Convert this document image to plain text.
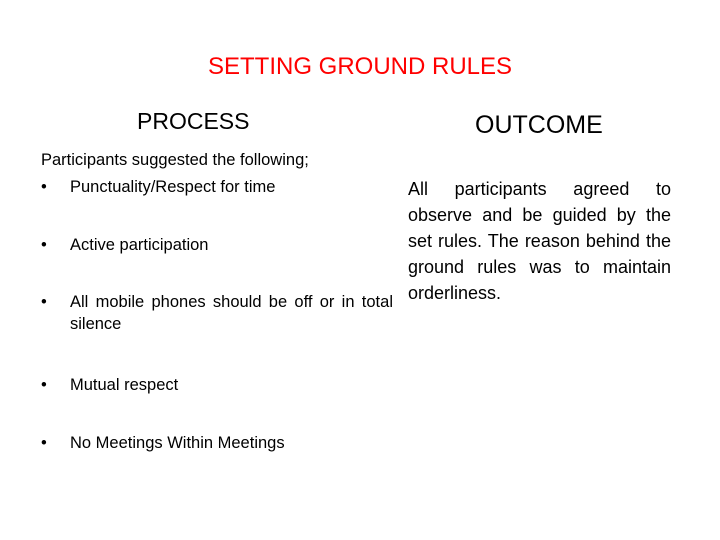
SETTING GROUND RULES
PROCESS	OUTCOME
Participants suggested the following;
• Punctuality/Respect for time
• Active participation
• All mobile phones should be off or in total silence
• Mutual respect
• No Meetings Within Meetings
All participants agreed to observe and be guided by the set rules. The reason behind the ground rules was to maintain orderliness.
